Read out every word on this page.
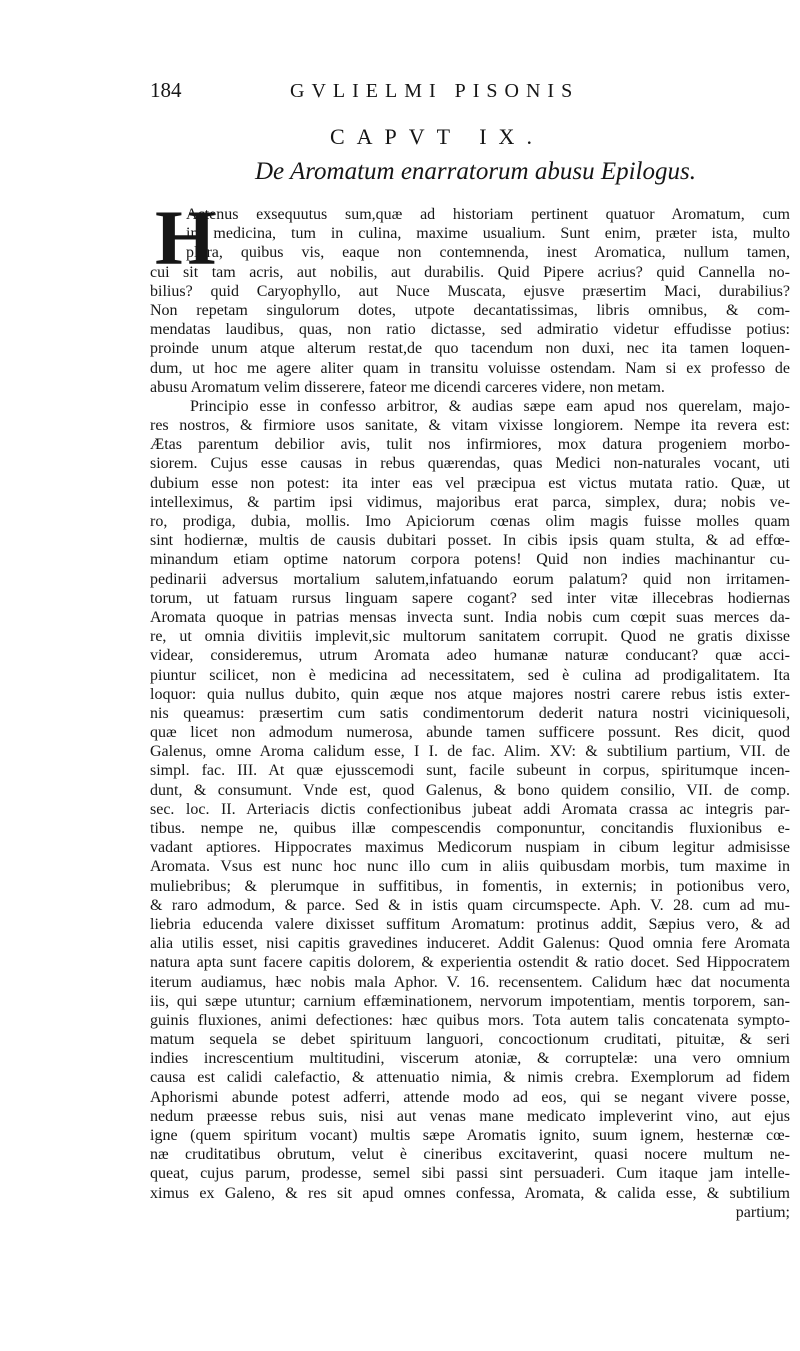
184	GVLIELMI PISONIS
CAPVT IX.
De Aromatum enarratorum abusu Epilogus.
H
Actenus exsequutus sum,quæ ad historiam pertinent quatuor Aromatum, cum
in medicina, tum in culina, maxime usualium. Sunt enim, præter ista, multo
plura, quibus vis, eaque non contemnenda, inest Aromatica, nullum tamen,
cui sit tam acris, aut nobilis, aut durabilis. Quid Pipere acrius? quid Cannella no-
bilius? quid Caryophyllo, aut Nuce Muscata, ejusve præsertim Maci, durabilius?
Non repetam singulorum dotes, utpote decantatissimas, libris omnibus, & com-
mendatas laudibus, quas, non ratio dictasse, sed admiratio videtur effudisse potius:
proinde unum atque alterum restat,de quo tacendum non duxi, nec ita tamen loquen-
dum, ut hoc me agere aliter quam in transitu voluisse ostendam. Nam si ex professo de
abusu Aromatum velim disserere, fateor me dicendi carceres videre, non metam.
Principio esse in confesso arbitror, & audias sæpe eam apud nos querelam, majo-
res nostros, & firmiore usos sanitate, & vitam vixisse longiorem. Nempe ita revera est:
Ætas parentum debilior avis, tulit nos infirmiores, mox datura progeniem morbo-
siorem. Cujus esse causas in rebus quærendas, quas Medici non-naturales vocant, uti
dubium esse non potest: ita inter eas vel præcipua est victus mutata ratio. Quæ, ut
intelleximus, & partim ipsi vidimus, majoribus erat parca, simplex, dura; nobis ve-
ro, prodiga, dubia, mollis. Imo Apiciorum cœnas olim magis fuisse molles quam
sint hodiernæ, multis de causis dubitari posset. In cibis ipsis quam stulta, & ad effœ-
minandum etiam optime natorum corpora potens! Quid non indies machinantur cu-
pedinarii adversus mortalium salutem,infatuando eorum palatum? quid non irritamen-
torum, ut fatuam rursus linguam sapere cogant? sed inter vitæ illecebras hodiernas
Aromata quoque in patrias mensas invecta sunt. India nobis cum cœpit suas merces da-
re, ut omnia divitiis implevit,sic multorum sanitatem corrupit. Quod ne gratis dixisse
videar, consideremus, utrum Aromata adeo humanæ naturæ conducant? quæ acci-
piuntur scilicet, non è medicina ad necessitatem, sed è culina ad prodigalitatem. Ita
loquor: quia nullus dubito, quin æque nos atque majores nostri carere rebus istis exter-
nis queamus: præsertim cum satis condimentorum dederit natura nostri viciniquesoli,
quæ licet non admodum numerosa, abunde tamen sufficere possunt. Res dicit, quod
Galenus, omne Aroma calidum esse, I I. de fac. Alim. XV: & subtilium partium, VII. de
simpl. fac. III. At quæ ejusscemodi sunt, facile subeunt in corpus, spiritumque incen-
dunt, & consumunt. Vnde est, quod Galenus, & bono quidem consilio, VII. de comp.
sec. loc. II. Arteriacis dictis confectionibus jubeat addi Aromata crassa ac integris par-
tibus. nempe ne, quibus illæ compescendis componuntur, concitandis fluxionibus e-
vadant aptiores. Hippocrates maximus Medicorum nuspiam in cibum legitur admisisse
Aromata. Vsus est nunc hoc nunc illo cum in aliis quibusdam morbis, tum maxime in
muliebribus; & plerumque in suffitibus, in fomentis, in externis; in potionibus vero,
& raro admodum, & parce. Sed & in istis quam circumspecte. Aph. V. 28. cum ad mu-
liebria educenda valere dixisset suffitum Aromatum: protinus addit, Sæpius vero, & ad
alia utilis esset, nisi capitis gravedines induceret. Addit Galenus: Quod omnia fere Aromata
natura apta sunt facere capitis dolorem, & experientia ostendit & ratio docet. Sed Hippocratem
iterum audiamus, hæc nobis mala Aphor. V. 16. recensentem. Calidum hæc dat nocumenta
iis, qui sæpe utuntur; carnium effæminationem, nervorum impotentiam, mentis torporem, san-
guinis fluxiones, animi defectiones: hæc quibus mors. Tota autem talis concatenata sympto-
matum sequela se debet spirituum languori, concoctionum cruditati, pituitæ, & seri
indies increscentium multitudini, viscerum atoniæ, & corruptelæ: una vero omnium
causa est calidi calefactio, & attenuatio nimia, & nimis crebra. Exemplorum ad fidem
Aphorismi abunde potest adferri, attende modo ad eos, qui se negant vivere posse,
nedum præesse rebus suis, nisi aut venas mane medicato impleverint vino, aut ejus
igne (quem spiritum vocant) multis sæpe Aromatis ignito, suum ignem, hesternæ cœ-
næ cruditatibus obrutum, velut è cineribus excitaverint, quasi nocere multum ne-
queat, cujus parum, prodesse, semel sibi passi sint persuaderi. Cum itaque jam intelle-
ximus ex Galeno, & res sit apud omnes confessa, Aromata, & calida esse, & subtilium
partium;
